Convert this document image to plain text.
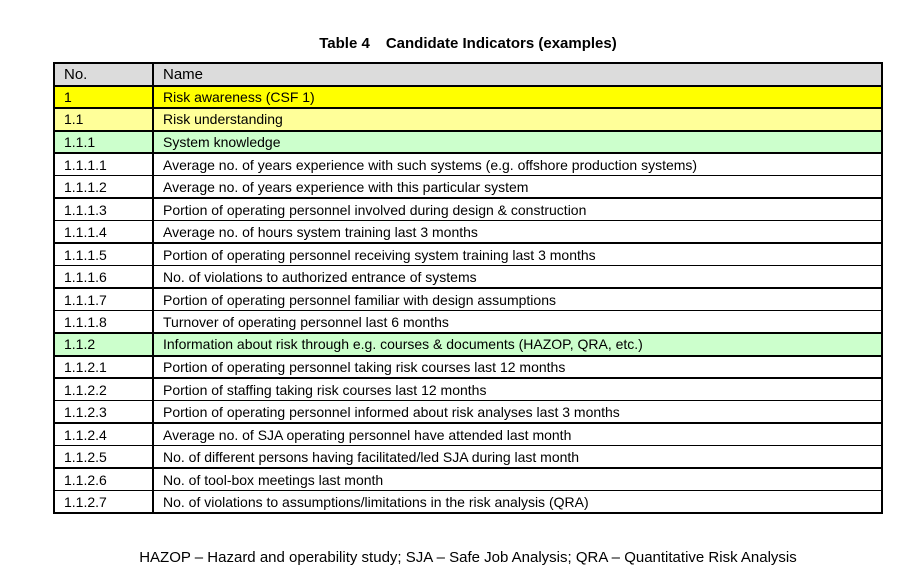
Table 4 Candidate Indicators (examples)
No.	Name
1	Risk awareness (CSF 1)
1.1	Risk understanding
1.1.1	System knowledge
1.1.1.1	Average no. of years experience with such systems (e.g. offshore production systems)
1.1.1.2	Average no. of years experience with this particular system
1.1.1.3	Portion of operating personnel involved during design & construction
1.1.1.4	Average no. of hours system training last 3 months
1.1.1.5	Portion of operating personnel receiving system training last 3 months
1.1.1.6	No. of violations to authorized entrance of systems
1.1.1.7	Portion of operating personnel familiar with design assumptions
1.1.1.8	Turnover of operating personnel last 6 months
1.1.2	Information about risk through e.g. courses & documents (HAZOP, QRA, etc.)
1.1.2.1	Portion of operating personnel taking risk courses last 12 months
1.1.2.2	Portion of staffing taking risk courses last 12 months
1.1.2.3	Portion of operating personnel informed about risk analyses last 3 months
1.1.2.4	Average no. of SJA operating personnel have attended last month
1.1.2.5	No. of different persons having facilitated/led SJA during last month
1.1.2.6	No. of tool-box meetings last month
1.1.2.7	No. of violations to assumptions/limitations in the risk analysis (QRA)
HAZOP – Hazard and operability study; SJA – Safe Job Analysis; QRA – Quantitative Risk Analysis
